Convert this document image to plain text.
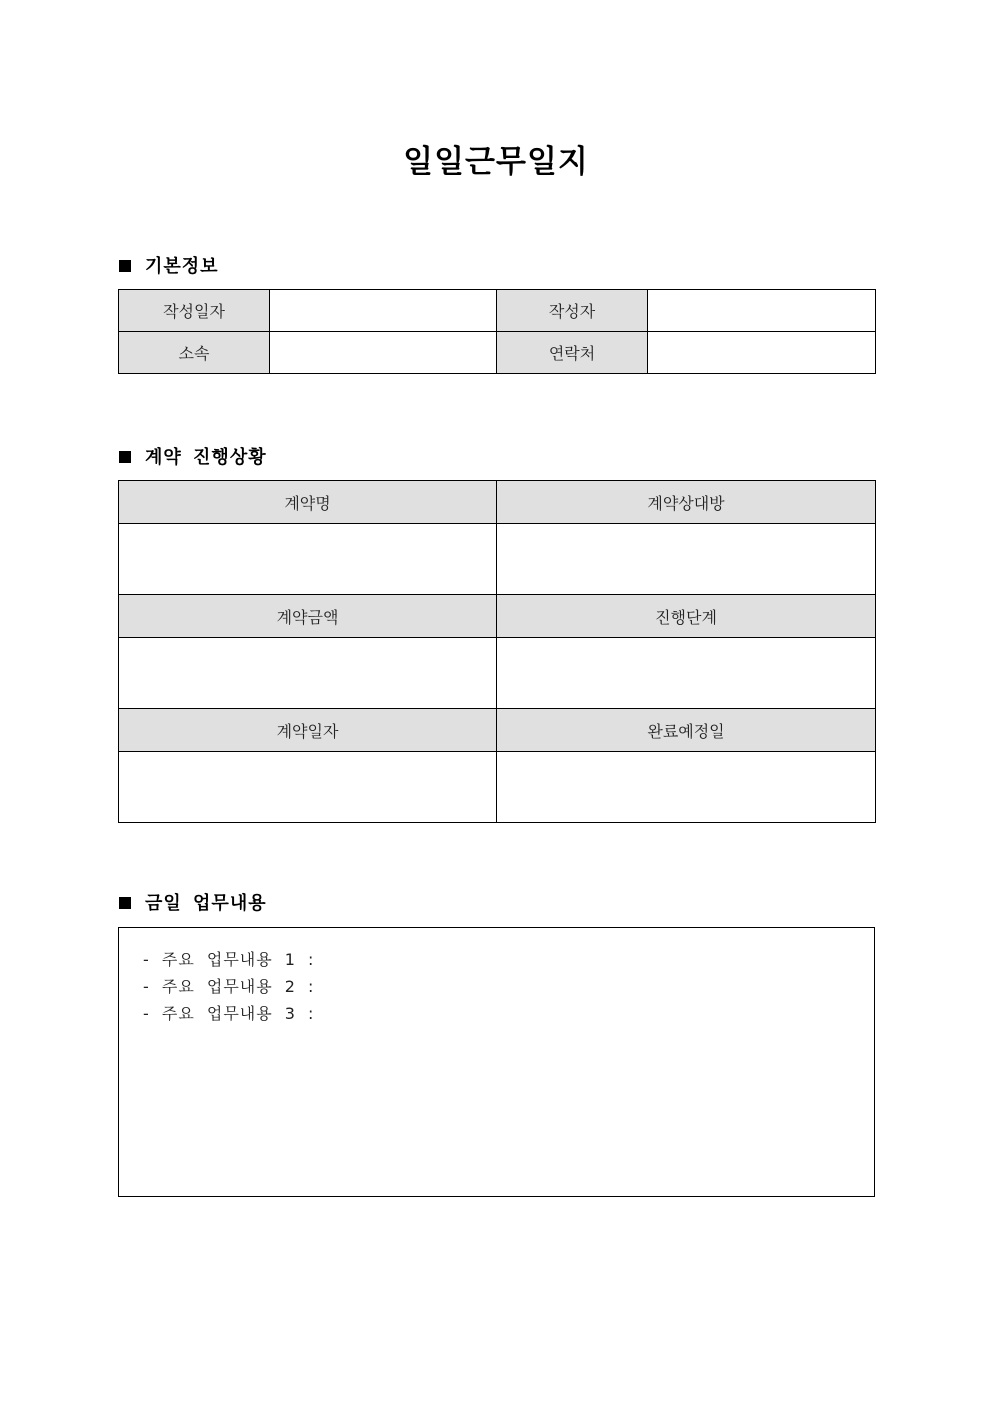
일일근무일지
기본정보
작성일자		작성자	
소속		연락처	
계약 진행상황
계약명	계약상대방

계약금액	진행단계

계약일자	완료예정일

금일 업무내용
- 주요 업무내용 1 :
- 주요 업무내용 2 :
- 주요 업무내용 3 :
